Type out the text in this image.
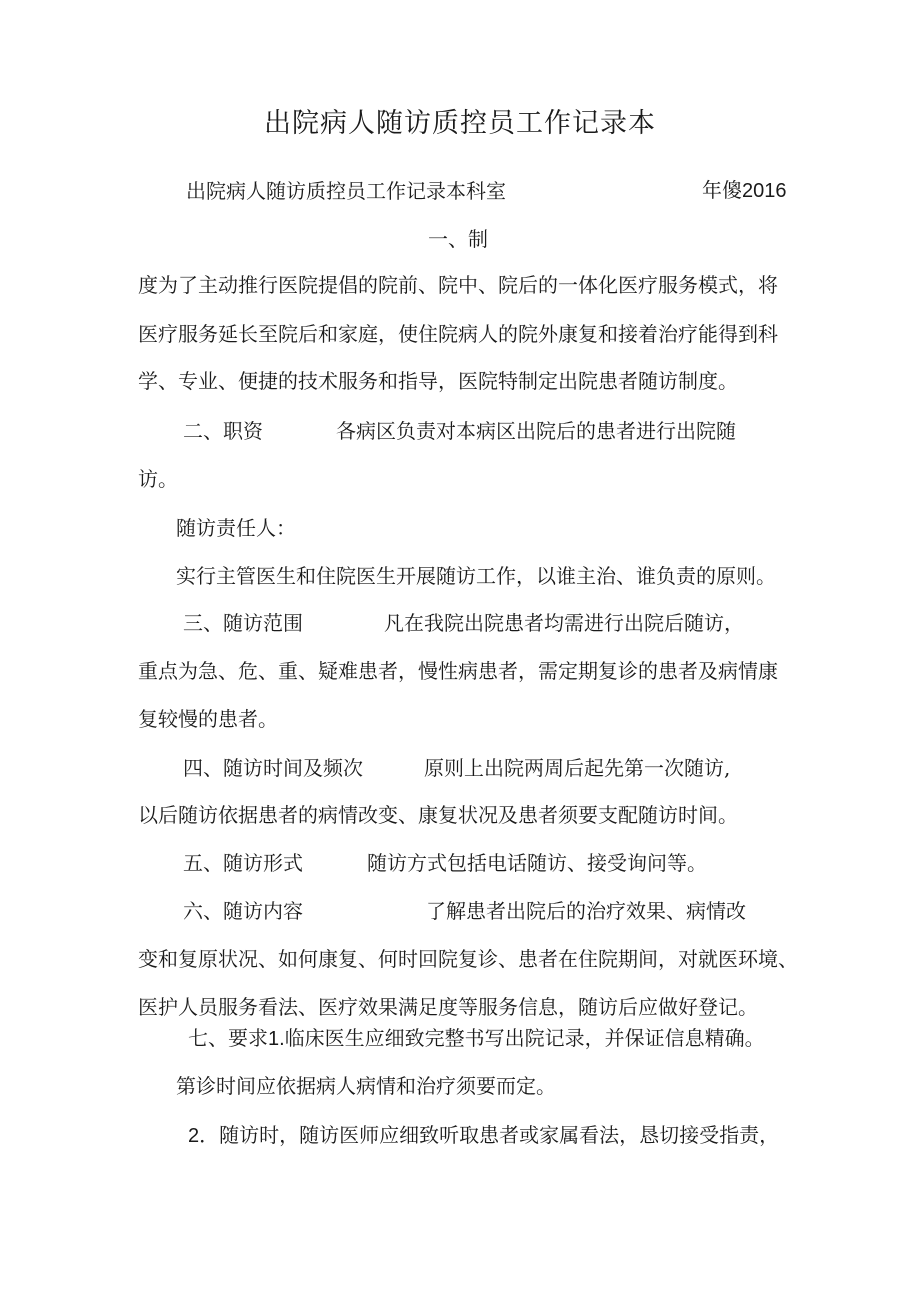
出院病人随访质控员工作记录本
出院病人随访质控员工作记录本科室	年傻2016
一、制
度为了主动推行医院提倡的院前、院中、院后的一体化医疗服务模式，将
医疗服务延长至院后和家庭，使住院病人的院外康复和接着治疗能得到科
学、专业、便捷的技术服务和指导，医院特制定出院患者随访制度。
二、职资	各病区负责对本病区出院后的患者进行出院随
访。
随访责任人：
实行主管医生和住院医生开展随访工作，以谁主治、谁负责的原则。
三、随访范围	凡在我院出院患者均需进行出院后随访，
重点为急、危、重、疑难患者，慢性病患者，需定期复诊的患者及病情康
复较慢的患者。
四、随访时间及频次	原则上出院两周后起先第一次随访,
以后随访依据患者的病情改变、康复状况及患者须要支配随访时间。
五、随访形式	随访方式包括电话随访、接受询问等。
六、随访内容	了解患者出院后的治疗效果、病情改
变和复原状况、如何康复、何时回院复诊、患者在住院期间，对就医环境、
医护人员服务看法、医疗效果满足度等服务信息，随访后应做好登记。
七、要求1.临床医生应细致完整书写出院记录，并保证信息精确。
第诊时间应依据病人病情和治疗须要而定。
2．随访时，随访医师应细致听取患者或家属看法，恳切接受指责，
